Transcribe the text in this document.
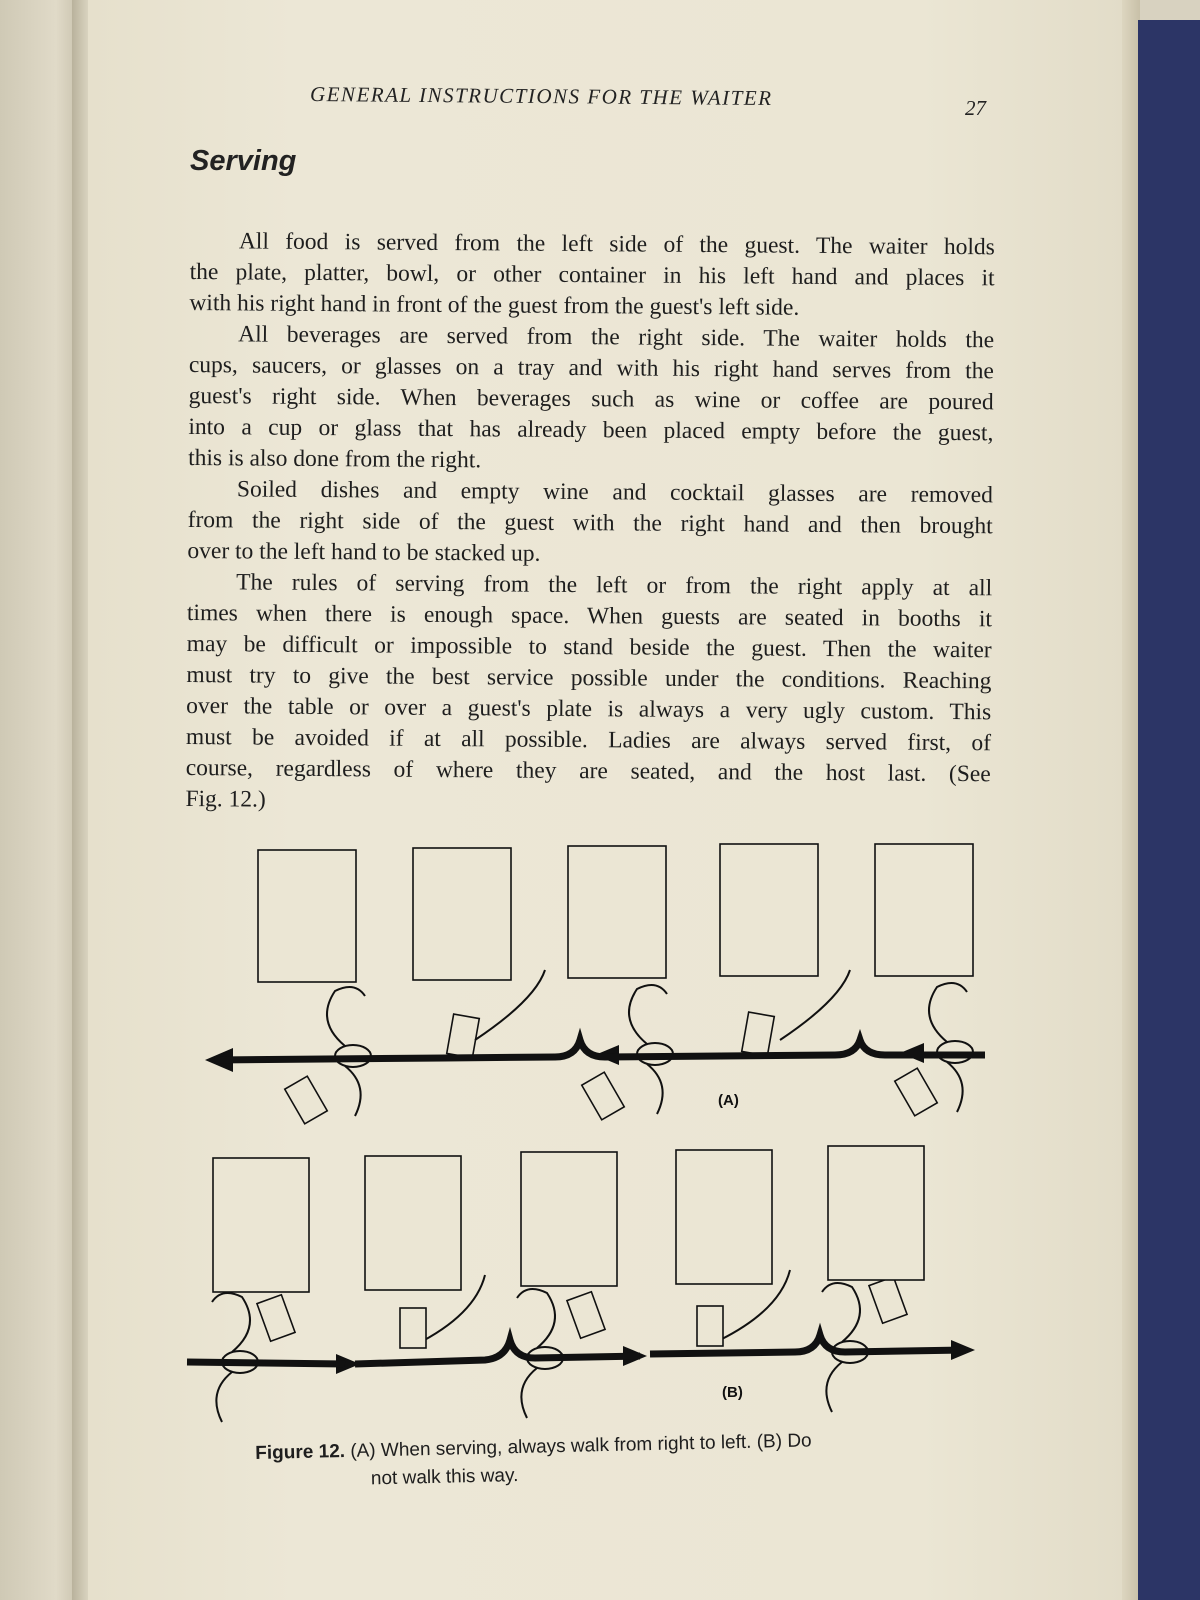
GENERAL INSTRUCTIONS FOR THE WAITER	27
Serving
All food is served from the left side of the guest. The waiter holds
the plate, platter, bowl, or other container in his left hand and places it
with his right hand in front of the guest from the guest's left side.
All beverages are served from the right side. The waiter holds the
cups, saucers, or glasses on a tray and with his right hand serves from the
guest's right side. When beverages such as wine or coffee are poured
into a cup or glass that has already been placed empty before the guest,
this is also done from the right.
Soiled dishes and empty wine and cocktail glasses are removed
from the right side of the guest with the right hand and then brought
over to the left hand to be stacked up.
The rules of serving from the left or from the right apply at all
times when there is enough space. When guests are seated in booths it
may be difficult or impossible to stand beside the guest. Then the waiter
must try to give the best service possible under the conditions. Reaching
over the table or over a guest's plate is always a very ugly custom. This
must be avoided if at all possible. Ladies are always served first, of
course, regardless of where they are seated, and the host last. (See
Fig. 12.)
(A)
(B)
Figure 12. (A) When serving, always walk from right to left. (B) Do
not walk this way.
